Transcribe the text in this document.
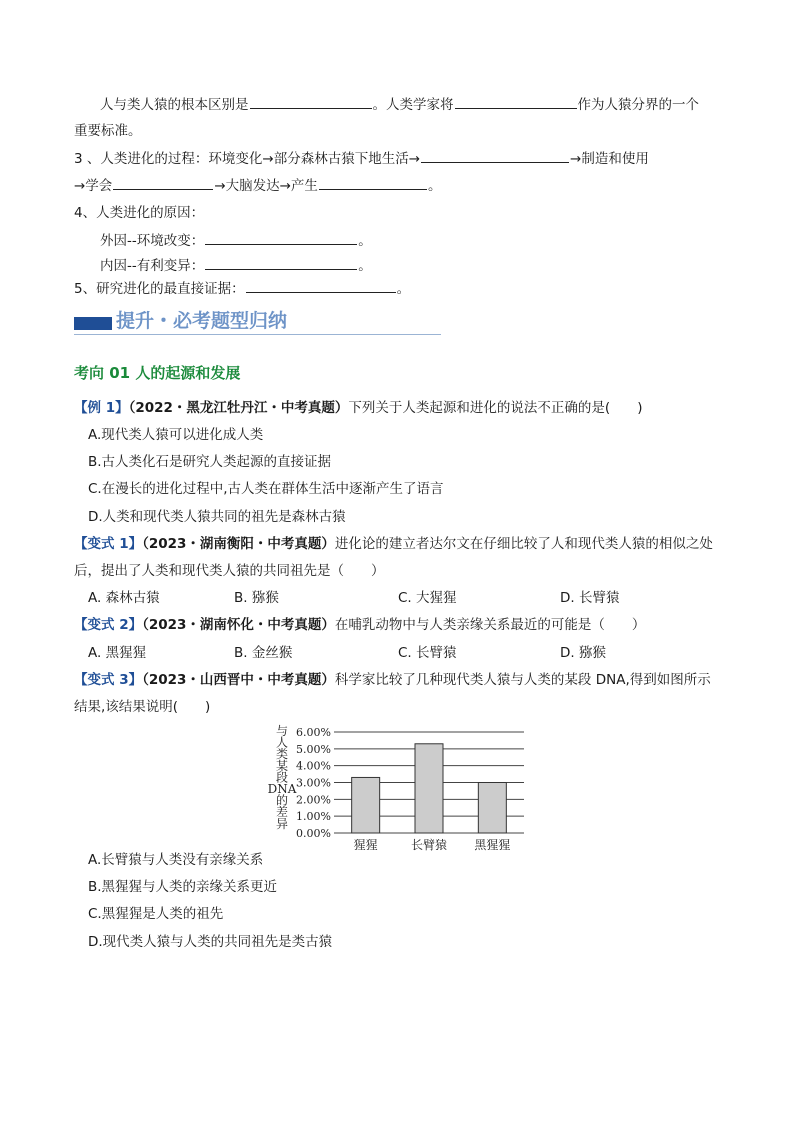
人与类人猿的根本区别是	。人类学家将	作为人猿分界的一个
重要标准。
3 、人类进化的过程：环境变化→部分森林古猿下地生活→	→制造和使用
→学会	→大脑发达→产生	。
4、人类进化的原因：
外因--环境改变：	。
内因--有利变异：	。
5、研究进化的最直接证据：	。
提升・必考题型归纳
考向 01 人的起源和发展
【例 1】（2022・黑龙江牡丹江・中考真题）下列关于人类起源和进化的说法不正确的是(　　)
A.现代类人猿可以进化成人类
B.古人类化石是研究人类起源的直接证据
C.在漫长的进化过程中,古人类在群体生活中逐渐产生了语言
D.人类和现代类人猿共同的祖先是森林古猿
【变式 1】（2023・湖南衡阳・中考真题）进化论的建立者达尔文在仔细比较了人和现代类人猿的相似之处
后，提出了人类和现代类人猿的共同祖先是（　　）
A. 森林古猿	B. 猕猴	C. 大猩猩	D. 长臂猿
【变式 2】（2023・湖南怀化・中考真题）在哺乳动物中与人类亲缘关系最近的可能是（　　）
A. 黑猩猩	B. 金丝猴	C. 长臂猿	D. 猕猴
【变式 3】（2023・山西晋中・中考真题）科学家比较了几种现代类人猿与人类的某段 DNA,得到如图所示
结果,该结果说明(　　)
与
人
类
某
段
DNA
的
差
异
0.00%
1.00%
2.00%
3.00%
4.00%
5.00%
6.00%
猩猩	长臂猿 黑猩猩
A.长臂猿与人类没有亲缘关系
B.黑猩猩与人类的亲缘关系更近
C.黑猩猩是人类的祖先
D.现代类人猿与人类的共同祖先是类古猿
